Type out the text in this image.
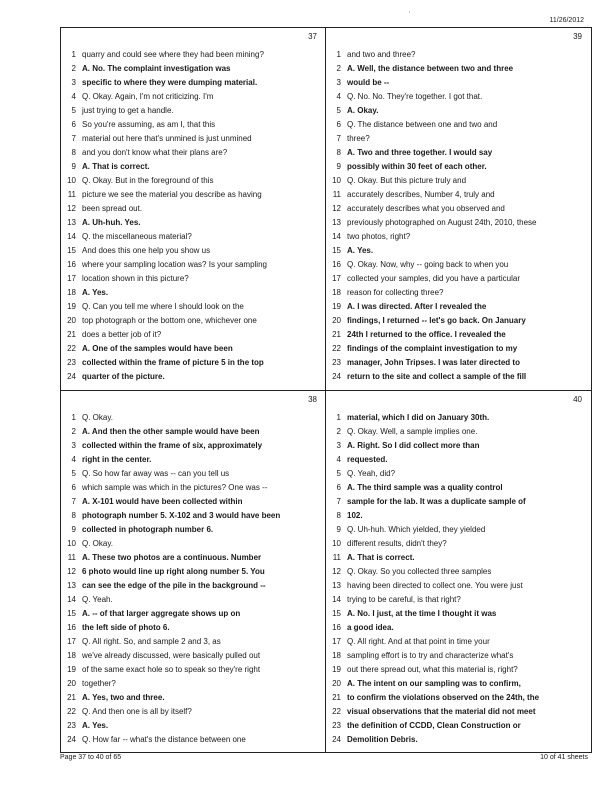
'
11/26/2012
37
1 quarry and could see where they had been mining?
2 A. No. The complaint investigation was
3 specific to where they were dumping material.
4 Q. Okay. Again, I'm not criticizing. I'm
5 just trying to get a handle.
6 So you're assuming, as am I, that this
7 material out here that's unmined is just unmined
8 and you don't know what their plans are?
9 A. That is correct.
10 Q. Okay. But in the foreground of this
11 picture we see the material you describe as having
12 been spread out.
13 A. Uh-huh. Yes.
14 Q. the miscellaneous material?
15 And does this one help you show us
16 where your sampling location was? Is your sampling
17 location shown in this picture?
18 A. Yes.
19 Q. Can you tell me where I should look on the
20 top photograph or the bottom one, whichever one
21 does a better job of it?
22 A. One of the samples would have been
23 collected within the frame of picture 5 in the top
24 quarter of the picture.
39
1 and two and three?
2 A. Well, the distance between two and three
3 would be --
4 Q. No. No. They're together. I got that.
5 A. Okay.
6 Q. The distance between one and two and
7 three?
8 A. Two and three together. I would say
9 possibly within 30 feet of each other.
10 Q. Okay. But this picture truly and
11 accurately describes, Number 4, truly and
12 accurately describes what you observed and
13 previously photographed on August 24th, 2010, these
14 two photos, right?
15 A. Yes.
16 Q. Okay. Now, why -- going back to when you
17 collected your samples, did you have a particular
18 reason for collecting three?
19 A. I was directed. After I revealed the
20 findings, I returned -- let's go back. On January
21 24th I returned to the office. I revealed the
22 findings of the complaint investigation to my
23 manager, John Tripses. I was later directed to
24 return to the site and collect a sample of the fill
38
1 Q. Okay.
2 A. And then the other sample would have been
3 collected within the frame of six, approximately
4 right in the center.
5 Q. So how far away was -- can you tell us
6 which sample was which in the pictures? One was --
7 A. X-101 would have been collected within
8 photograph number 5. X-102 and 3 would have been
9 collected in photograph number 6.
10 Q. Okay.
11 A. These two photos are a continuous. Number
12 6 photo would line up right along number 5. You
13 can see the edge of the pile in the background --
14 Q. Yeah.
15 A. -- of that larger aggregate shows up on
16 the left side of photo 6.
17 Q. All right. So, and sample 2 and 3, as
18 we've already discussed, were basically pulled out
19 of the same exact hole so to speak so they're right
20 together?
21 A. Yes, two and three.
22 Q. And then one is all by itself?
23 A. Yes.
24 Q. How far -- what's the distance between one
40
1 material, which I did on January 30th.
2 Q. Okay. Well, a sample implies one.
3 A. Right. So I did collect more than
4 requested.
5 Q. Yeah, did?
6 A. The third sample was a quality control
7 sample for the lab. It was a duplicate sample of
8 102.
9 Q. Uh-huh. Which yielded, they yielded
10 different results, didn't they?
11 A. That is correct.
12 Q. Okay. So you collected three samples
13 having been directed to collect one. You were just
14 trying to be careful, is that right?
15 A. No. I just, at the time I thought it was
16 a good idea.
17 Q. All right. And at that point in time your
18 sampling effort is to try and characterize what's
19 out there spread out, what this material is, right?
20 A. The intent on our sampling was to confirm,
21 to confirm the violations observed on the 24th, the
22 visual observations that the material did not meet
23 the definition of CCDD, Clean Construction or
24 Demolition Debris.
Page 37 to 40 of 65	10 of 41 sheets
